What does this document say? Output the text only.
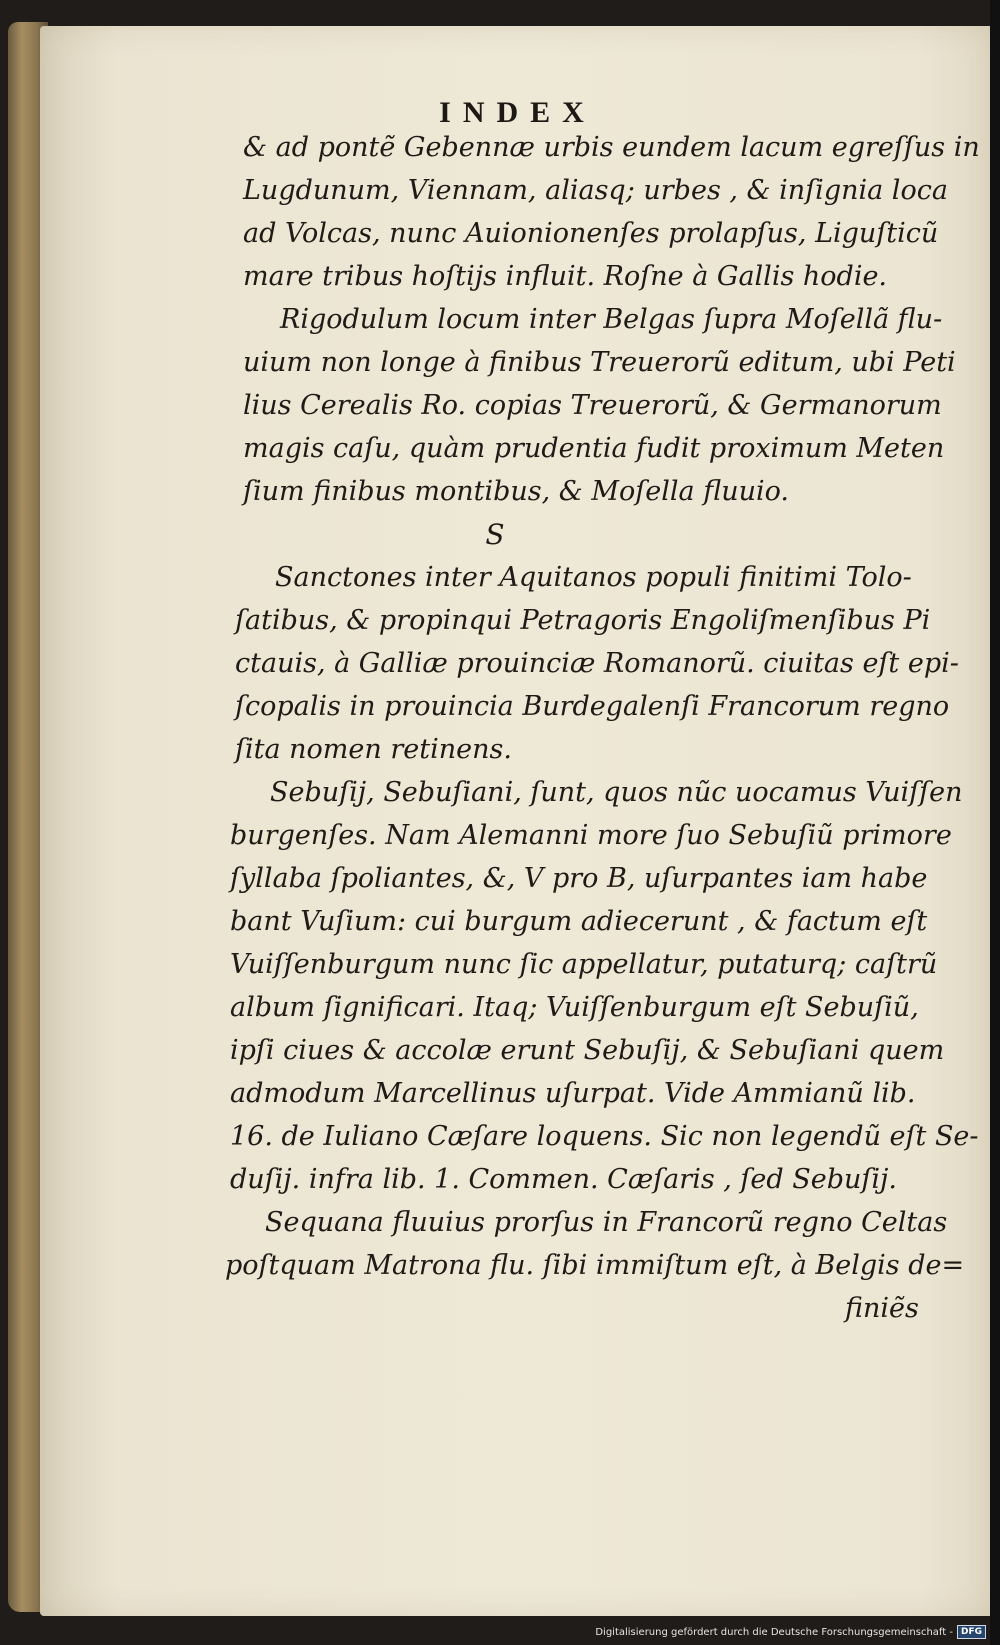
INDEX
& ad pontẽ Gebennæ urbis eundem lacum egreſſus in
Lugdunum, Viennam, aliasq; urbes , & inſignia loca
ad Volcas, nunc Auionionenſes prolapſus, Liguſticũ
mare tribus hoſtijs influit. Roſne à Gallis hodie.
Rigodulum locum inter Belgas ſupra Moſellã flu-
uium non longe à finibus Treuerorũ editum, ubi Peti
lius Cerealis Ro. copias Treuerorũ, & Germanorum
magis caſu, quàm prudentia fudit proximum Meten
ſium finibus montibus, & Moſella fluuio.
S
Sanctones inter Aquitanos populi finitimi Tolo-
ſatibus, & propinqui Petragoris Engoliſmenſibus Pi
ctauis, à Galliæ prouinciæ Romanorũ. ciuitas eſt epi-
ſcopalis in prouincia Burdegalenſi Francorum regno
ſita nomen retinens.
Sebuſij, Sebuſiani, ſunt, quos nũc uocamus Vuiſſen
burgenſes. Nam Alemanni more ſuo Sebuſiũ primore
ſyllaba ſpoliantes, &, V pro B, uſurpantes iam habe
bant Vuſium: cui burgum adiecerunt , & factum eſt
Vuiſſenburgum nunc ſic appellatur, putaturq; caſtrũ
album ſignificari. Itaq; Vuiſſenburgum eſt Sebuſiũ,
ipſi ciues & accolæ erunt Sebuſij, & Sebuſiani quem
admodum Marcellinus uſurpat. Vide Ammianũ lib.
16. de Iuliano Cæſare loquens. Sic non legendũ eſt Se-
duſij. infra lib. 1. Commen. Cæſaris , ſed Sebuſij.
Sequana fluuius prorſus in Francorũ regno Celtas
poſtquam Matrona flu. ſibi immiſtum eſt, à Belgis de=
finiẽs
Digitalisierung gefördert durch die Deutsche Forschungsgemeinschaft - DFG
